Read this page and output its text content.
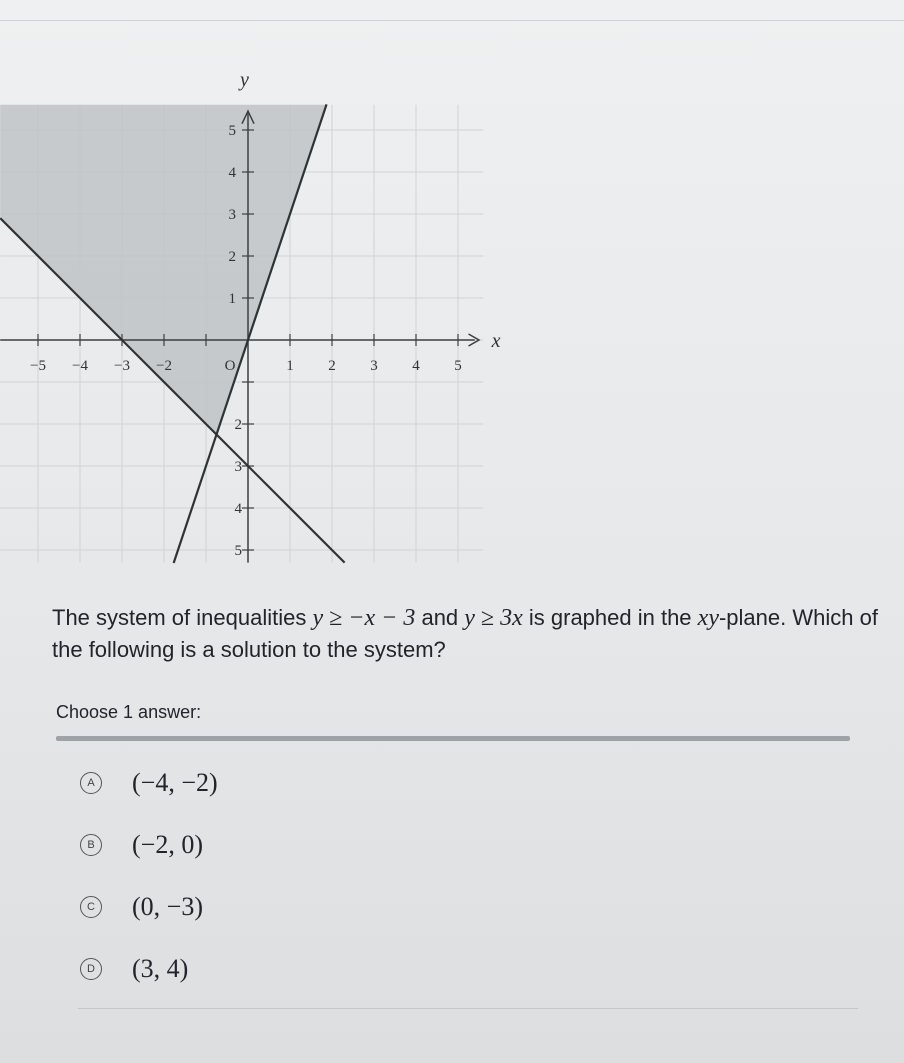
−5 −4 −3 −2	O	1 2 3 4 5
1
2
3
4
5
2
3
4
5
x
y
The system of inequalities y ≥ −x − 3 and y ≥ 3x is graphed in the xy-plane. Which of the following is a solution to the system?
Choose 1 answer:
A (−4, −2)
B (−2, 0)
C (0, −3)
D (3, 4)
